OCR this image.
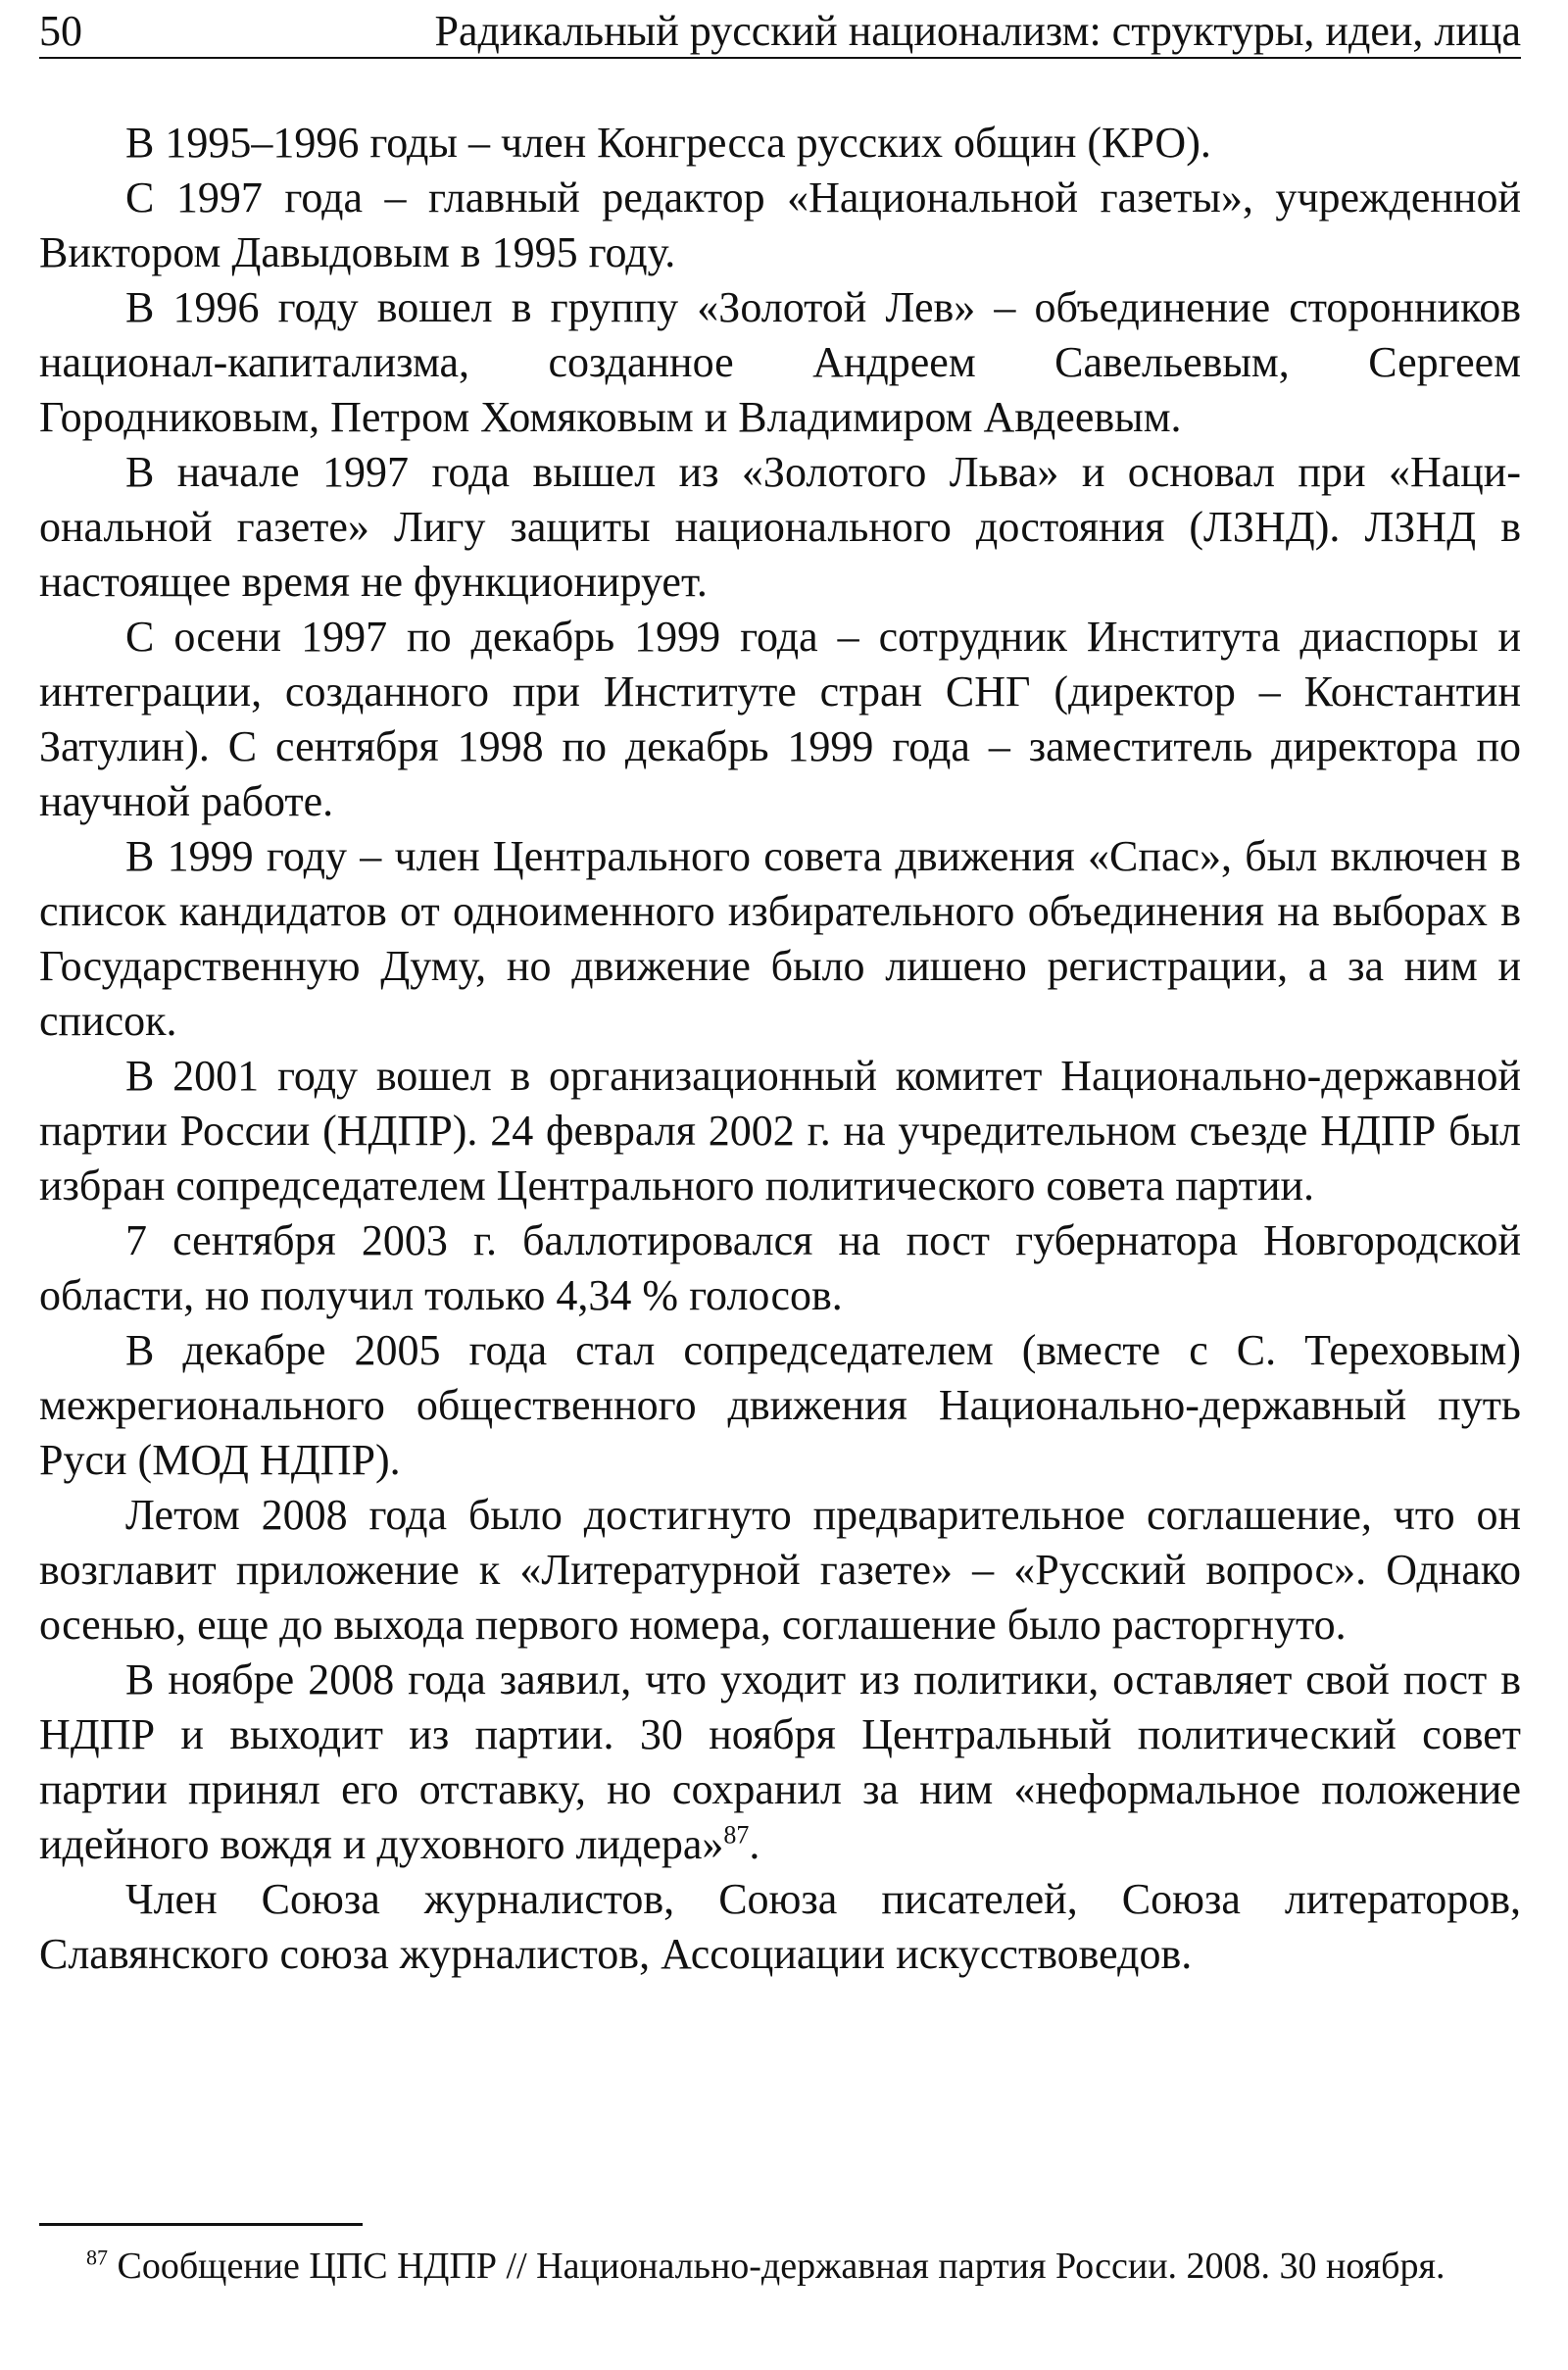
50	Радикальный русский национализм: структуры, идеи, лица

В 1995–1996 годы – член Конгресса русских общин (КРО).

С 1997 года – главный редактор «Национальной газеты», учрежденной Виктором Давыдовым в 1995 году.

В 1996 году вошел в группу «Золотой Лев» – объединение сторонников национал-капитализма, созданное Андреем Савельевым, Сергеем Городниковым, Петром Хомяковым и Владимиром Авдеевым.

В начале 1997 года вышел из «Золотого Льва» и основал при «Национальной газете» Лигу защиты национального достояния (ЛЗНД). ЛЗНД в настоящее время не функционирует.

С осени 1997 по декабрь 1999 года – сотрудник Института диаспоры и интеграции, созданного при Институте стран СНГ (директор – Константин Затулин). С сентября 1998 по декабрь 1999 года – заместитель директора по научной работе.

В 1999 году – член Центрального совета движения «Спас», был включен в список кандидатов от одноименного избирательного объединения на выборах в Государственную Думу, но движение было лишено регистрации, а за ним и список.

В 2001 году вошел в организационный комитет Национально-державной партии России (НДПР). 24 февраля 2002 г. на учредительном съезде НДПР был избран сопредседателем Центрального политического совета партии.

7 сентября 2003 г. баллотировался на пост губернатора Новгородской области, но получил только 4,34 % голосов.

В декабре 2005 года стал сопредседателем (вместе с С. Тереховым) межрегионального общественного движения Национально-державный путь Руси (МОД НДПР).

Летом 2008 года было достигнуто предварительное соглашение, что он возглавит приложение к «Литературной газете» – «Русский вопрос». Однако осенью, еще до выхода первого номера, соглашение было расторгнуто.

В ноябре 2008 года заявил, что уходит из политики, оставляет свой пост в НДПР и выходит из партии. 30 ноября Центральный политический совет партии принял его отставку, но сохранил за ним «неформальное положение идейного вождя и духовного лидера»$^{87}$.

Член Союза журналистов, Союза писателей, Союза литераторов, Славянского союза журналистов, Ассоциации искусствоведов.

$^{87}$ Сообщение ЦПС НДПР // Национально-державная партия России. 2008. 30 ноября.
